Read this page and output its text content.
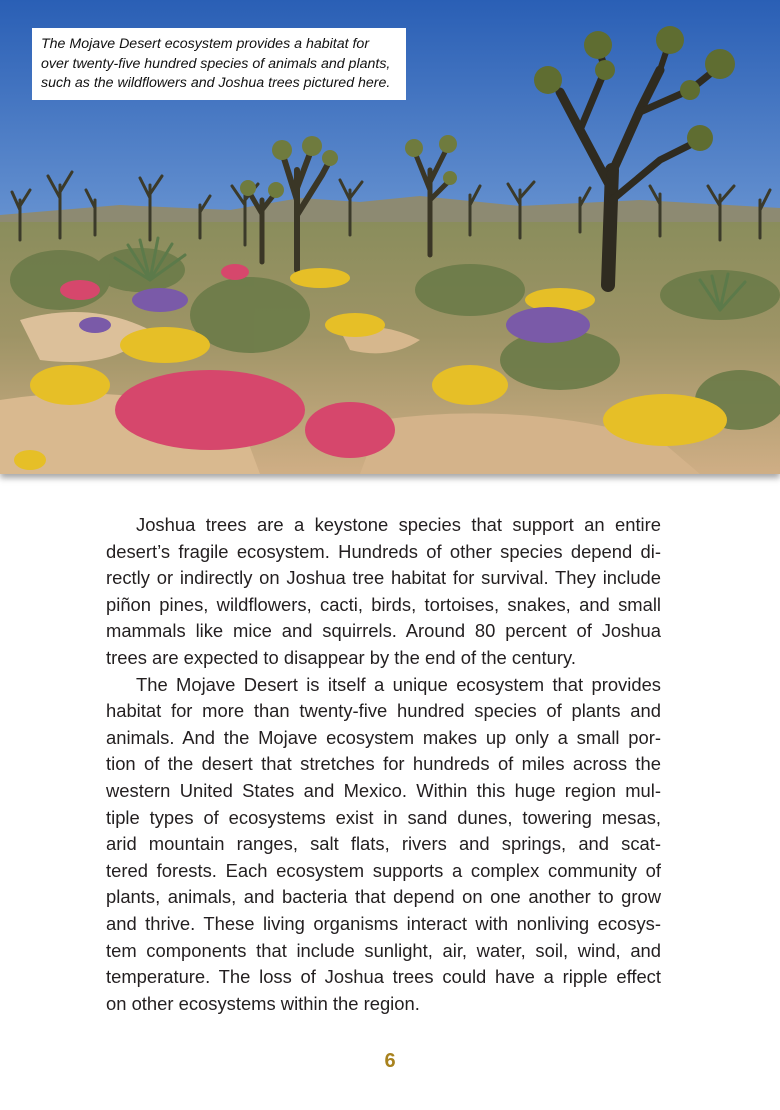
The Mojave Desert ecosystem provides a habitat for
over twenty-five hundred species of animals and plants,
such as the wildflowers and Joshua trees pictured here.

Joshua trees are a keystone species that support an entire
desert’s fragile ecosystem. Hundreds of other species depend di-
rectly or indirectly on Joshua tree habitat for survival. They include
piñon pines, wildflowers, cacti, birds, tortoises, snakes, and small
mammals like mice and squirrels. Around 80 percent of Joshua
trees are expected to disappear by the end of the century.

The Mojave Desert is itself a unique ecosystem that provides
habitat for more than twenty-five hundred species of plants and
animals. And the Mojave ecosystem makes up only a small por-
tion of the desert that stretches for hundreds of miles across the
western United States and Mexico. Within this huge region mul-
tiple types of ecosystems exist in sand dunes, towering mesas,
arid mountain ranges, salt flats, rivers and springs, and scat-
tered forests. Each ecosystem supports a complex community of
plants, animals, and bacteria that depend on one another to grow
and thrive. These living organisms interact with nonliving ecosys-
tem components that include sunlight, air, water, soil, wind, and
temperature. The loss of Joshua trees could have a ripple effect
on other ecosystems within the region.

6
